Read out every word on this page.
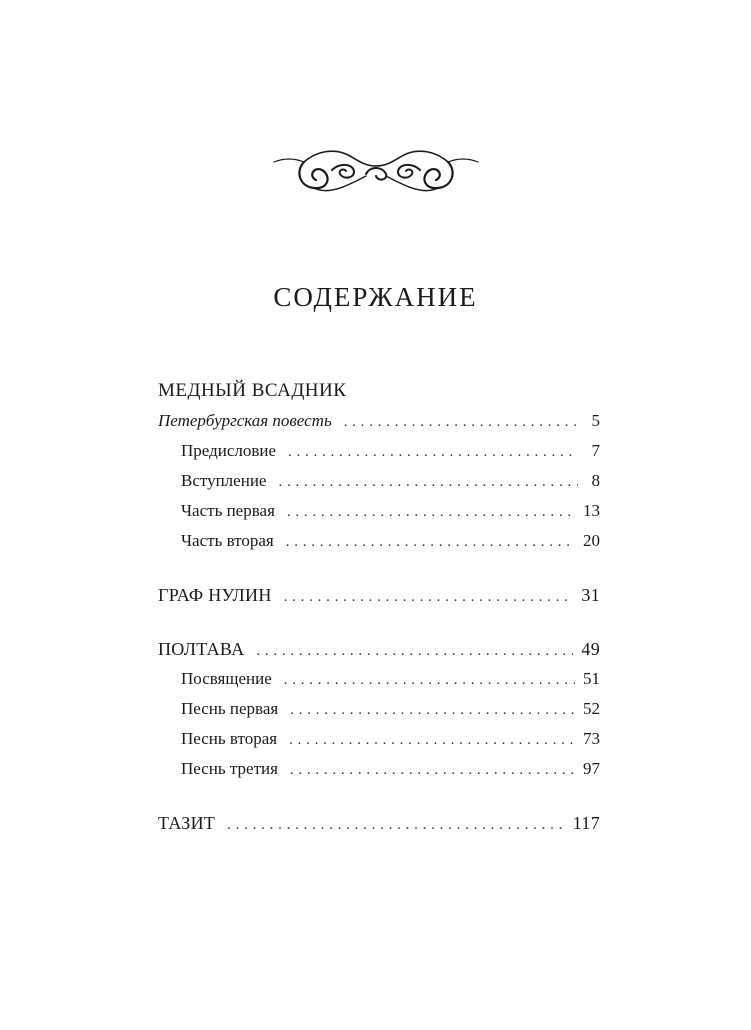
СОДЕРЖАНИЕ
МЕДНЫЙ ВСАДНИК
Петербургская повесть . . .	5
Предисловие . . .	7
Вступление . . .	8
Часть первая . . .	13
Часть вторая . . .	20
ГРАФ НУЛИН . . .	31
ПОЛТАВА . . .	49
Посвящение . . .	51
Песнь первая . . .	52
Песнь вторая . . .	73
Песнь третия . . .	97
ТАЗИТ . . .	117
